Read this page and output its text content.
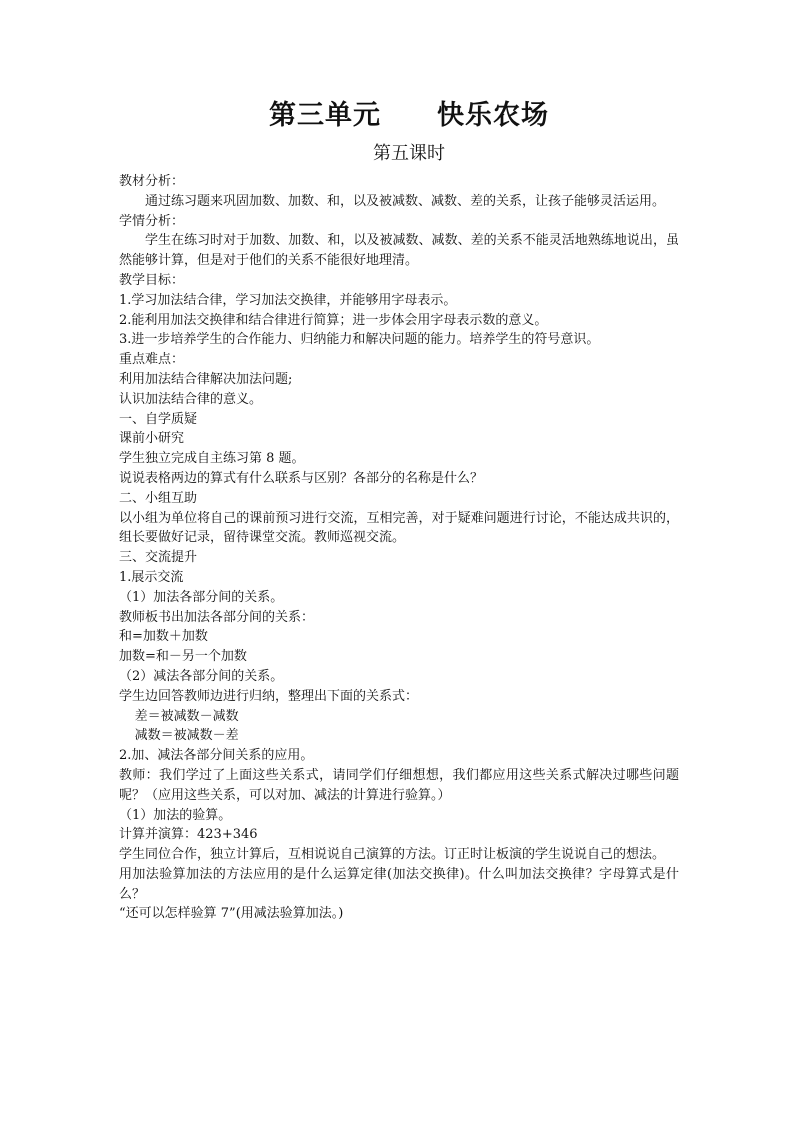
第三单元　　快乐农场
第五课时

教材分析：

通过练习题来巩固加数、加数、和，以及被减数、减数、差的关系，让孩子能够灵活运用。

学情分析：

学生在练习时对于加数、加数、和，以及被减数、减数、差的关系不能灵活地熟练地说出，虽然能够计算，但是对于他们的关系不能很好地理清。

教学目标：

1.学习加法结合律，学习加法交换律，并能够用字母表示。

2.能利用加法交换律和结合律进行简算；进一步体会用字母表示数的意义。

3.进一步培养学生的合作能力、归纳能力和解决问题的能力。培养学生的符号意识。

重点难点：

利用加法结合律解决加法问题;

认识加法结合律的意义。

一、自学质疑

课前小研究

学生独立完成自主练习第 8 题。

说说表格两边的算式有什么联系与区别？各部分的名称是什么？

二、小组互助

以小组为单位将自己的课前预习进行交流，互相完善，对于疑难问题进行讨论，不能达成共识的，组长要做好记录，留待课堂交流。教师巡视交流。

三、交流提升

1.展示交流

（1）加法各部分间的关系。

教师板书出加法各部分间的关系：

和=加数＋加数

加数=和－另一个加数

（2）减法各部分间的关系。

学生边回答教师边进行归纳，整理出下面的关系式：

差＝被减数－减数

减数＝被减数－差

2.加、减法各部分间关系的应用。

教师：我们学过了上面这些关系式，请同学们仔细想想，我们都应用这些关系式解决过哪些问题呢？（应用这些关系，可以对加、减法的计算进行验算。）

（1）加法的验算。

计算并演算：423+346

学生同位合作，独立计算后，互相说说自己演算的方法。订正时让板演的学生说说自己的想法。

用加法验算加法的方法应用的是什么运算定律(加法交换律)。什么叫加法交换律？字母算式是什么？

“还可以怎样验算 7”(用减法验算加法。)
